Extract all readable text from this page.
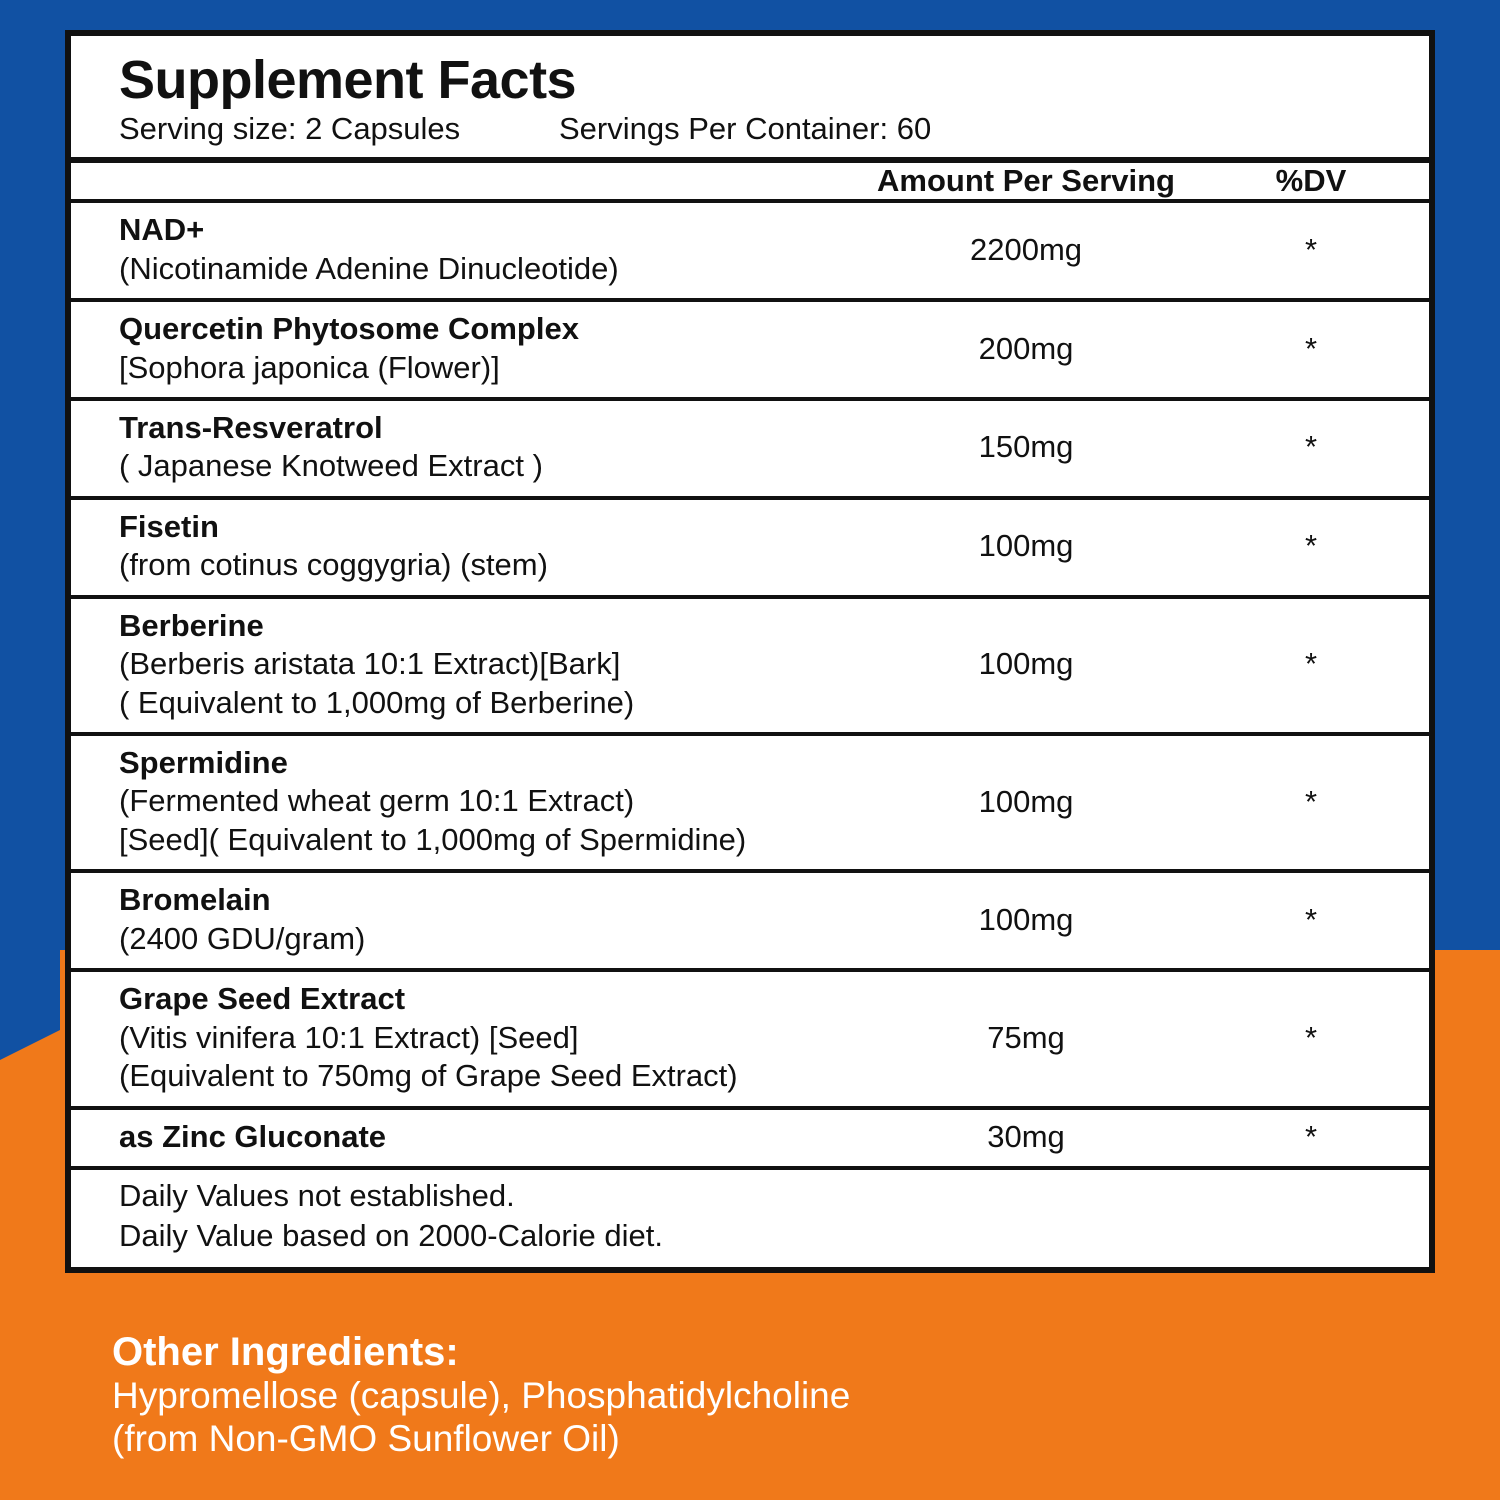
Supplement Facts
Serving size: 2 Capsules	Servings Per Container: 60
	Amount Per Serving	%DV

NAD+
(Nicotinamide Adenine Dinucleotide)	2200mg	*

Quercetin Phytosome Complex
[Sophora japonica (Flower)]	200mg	*

Trans-Resveratrol
( Japanese Knotweed Extract )	150mg	*

Fisetin
(from cotinus coggygria) (stem)	100mg	*

Berberine
(Berberis aristata 10:1 Extract)[Bark]
( Equivalent to 1,000mg of Berberine)	100mg	*

Spermidine
(Fermented wheat germ 10:1 Extract)
[Seed]( Equivalent to 1,000mg of Spermidine)	100mg	*

Bromelain
(2400 GDU/gram)	100mg	*

Grape Seed Extract
(Vitis vinifera 10:1 Extract) [Seed]
(Equivalent to 750mg of Grape Seed Extract)	75mg	*

as Zinc Gluconate	30mg	*

Daily Values not established.
Daily Value based on 2000-Calorie diet.		
Other Ingredients:
Hypromellose (capsule), Phosphatidylcholine
(from Non-GMO Sunflower Oil)
